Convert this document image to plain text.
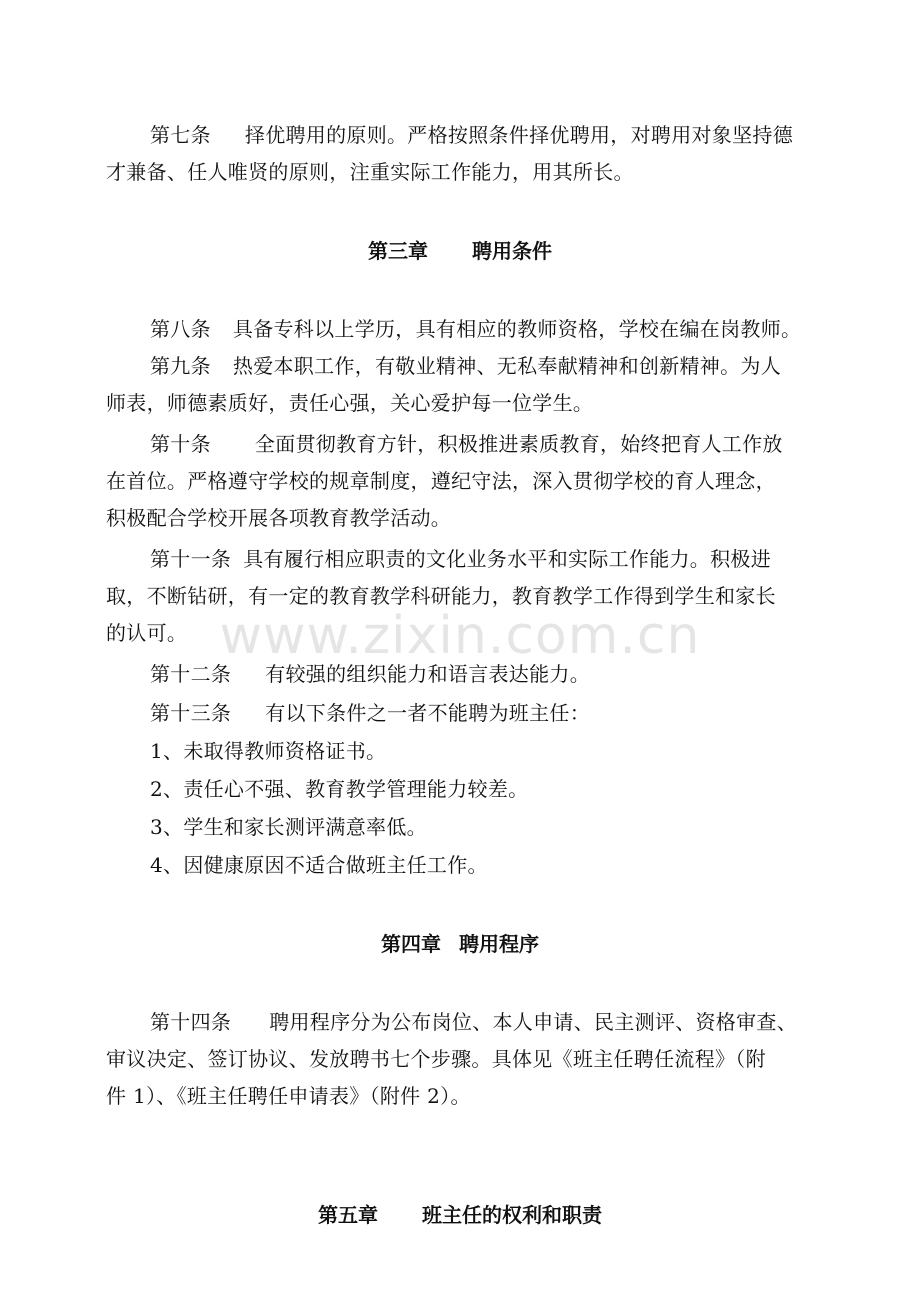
www.zixin.com.cn
第七条 择优聘用的原则。严格按照条件择优聘用，对聘用对象坚持德
才兼备、任人唯贤的原则，注重实际工作能力，用其所长。
第三章 聘用条件
第八条 具备专科以上学历，具有相应的教师资格，学校在编在岗教师。
第九条 热爱本职工作，有敬业精神、无私奉献精神和创新精神。为人
师表，师德素质好，责任心强，关心爱护每一位学生。
第十条 全面贯彻教育方针，积极推进素质教育，始终把育人工作放
在首位。严格遵守学校的规章制度，遵纪守法，深入贯彻学校的育人理念，
积极配合学校开展各项教育教学活动。
第十一条 具有履行相应职责的文化业务水平和实际工作能力。积极进
取，不断钻研，有一定的教育教学科研能力，教育教学工作得到学生和家长
的认可。
第十二条 有较强的组织能力和语言表达能力。
第十三条 有以下条件之一者不能聘为班主任：
1、未取得教师资格证书。
2、责任心不强、教育教学管理能力较差。
3、学生和家长测评满意率低。
4、因健康原因不适合做班主任工作。
第四章 聘用程序
第十四条 聘用程序分为公布岗位、本人申请、民主测评、资格审查、
审议决定、签订协议、发放聘书七个步骤。具体见《班主任聘任流程》（附
件 1）、《班主任聘任申请表》（附件 2）。
第五章 班主任的权利和职责
